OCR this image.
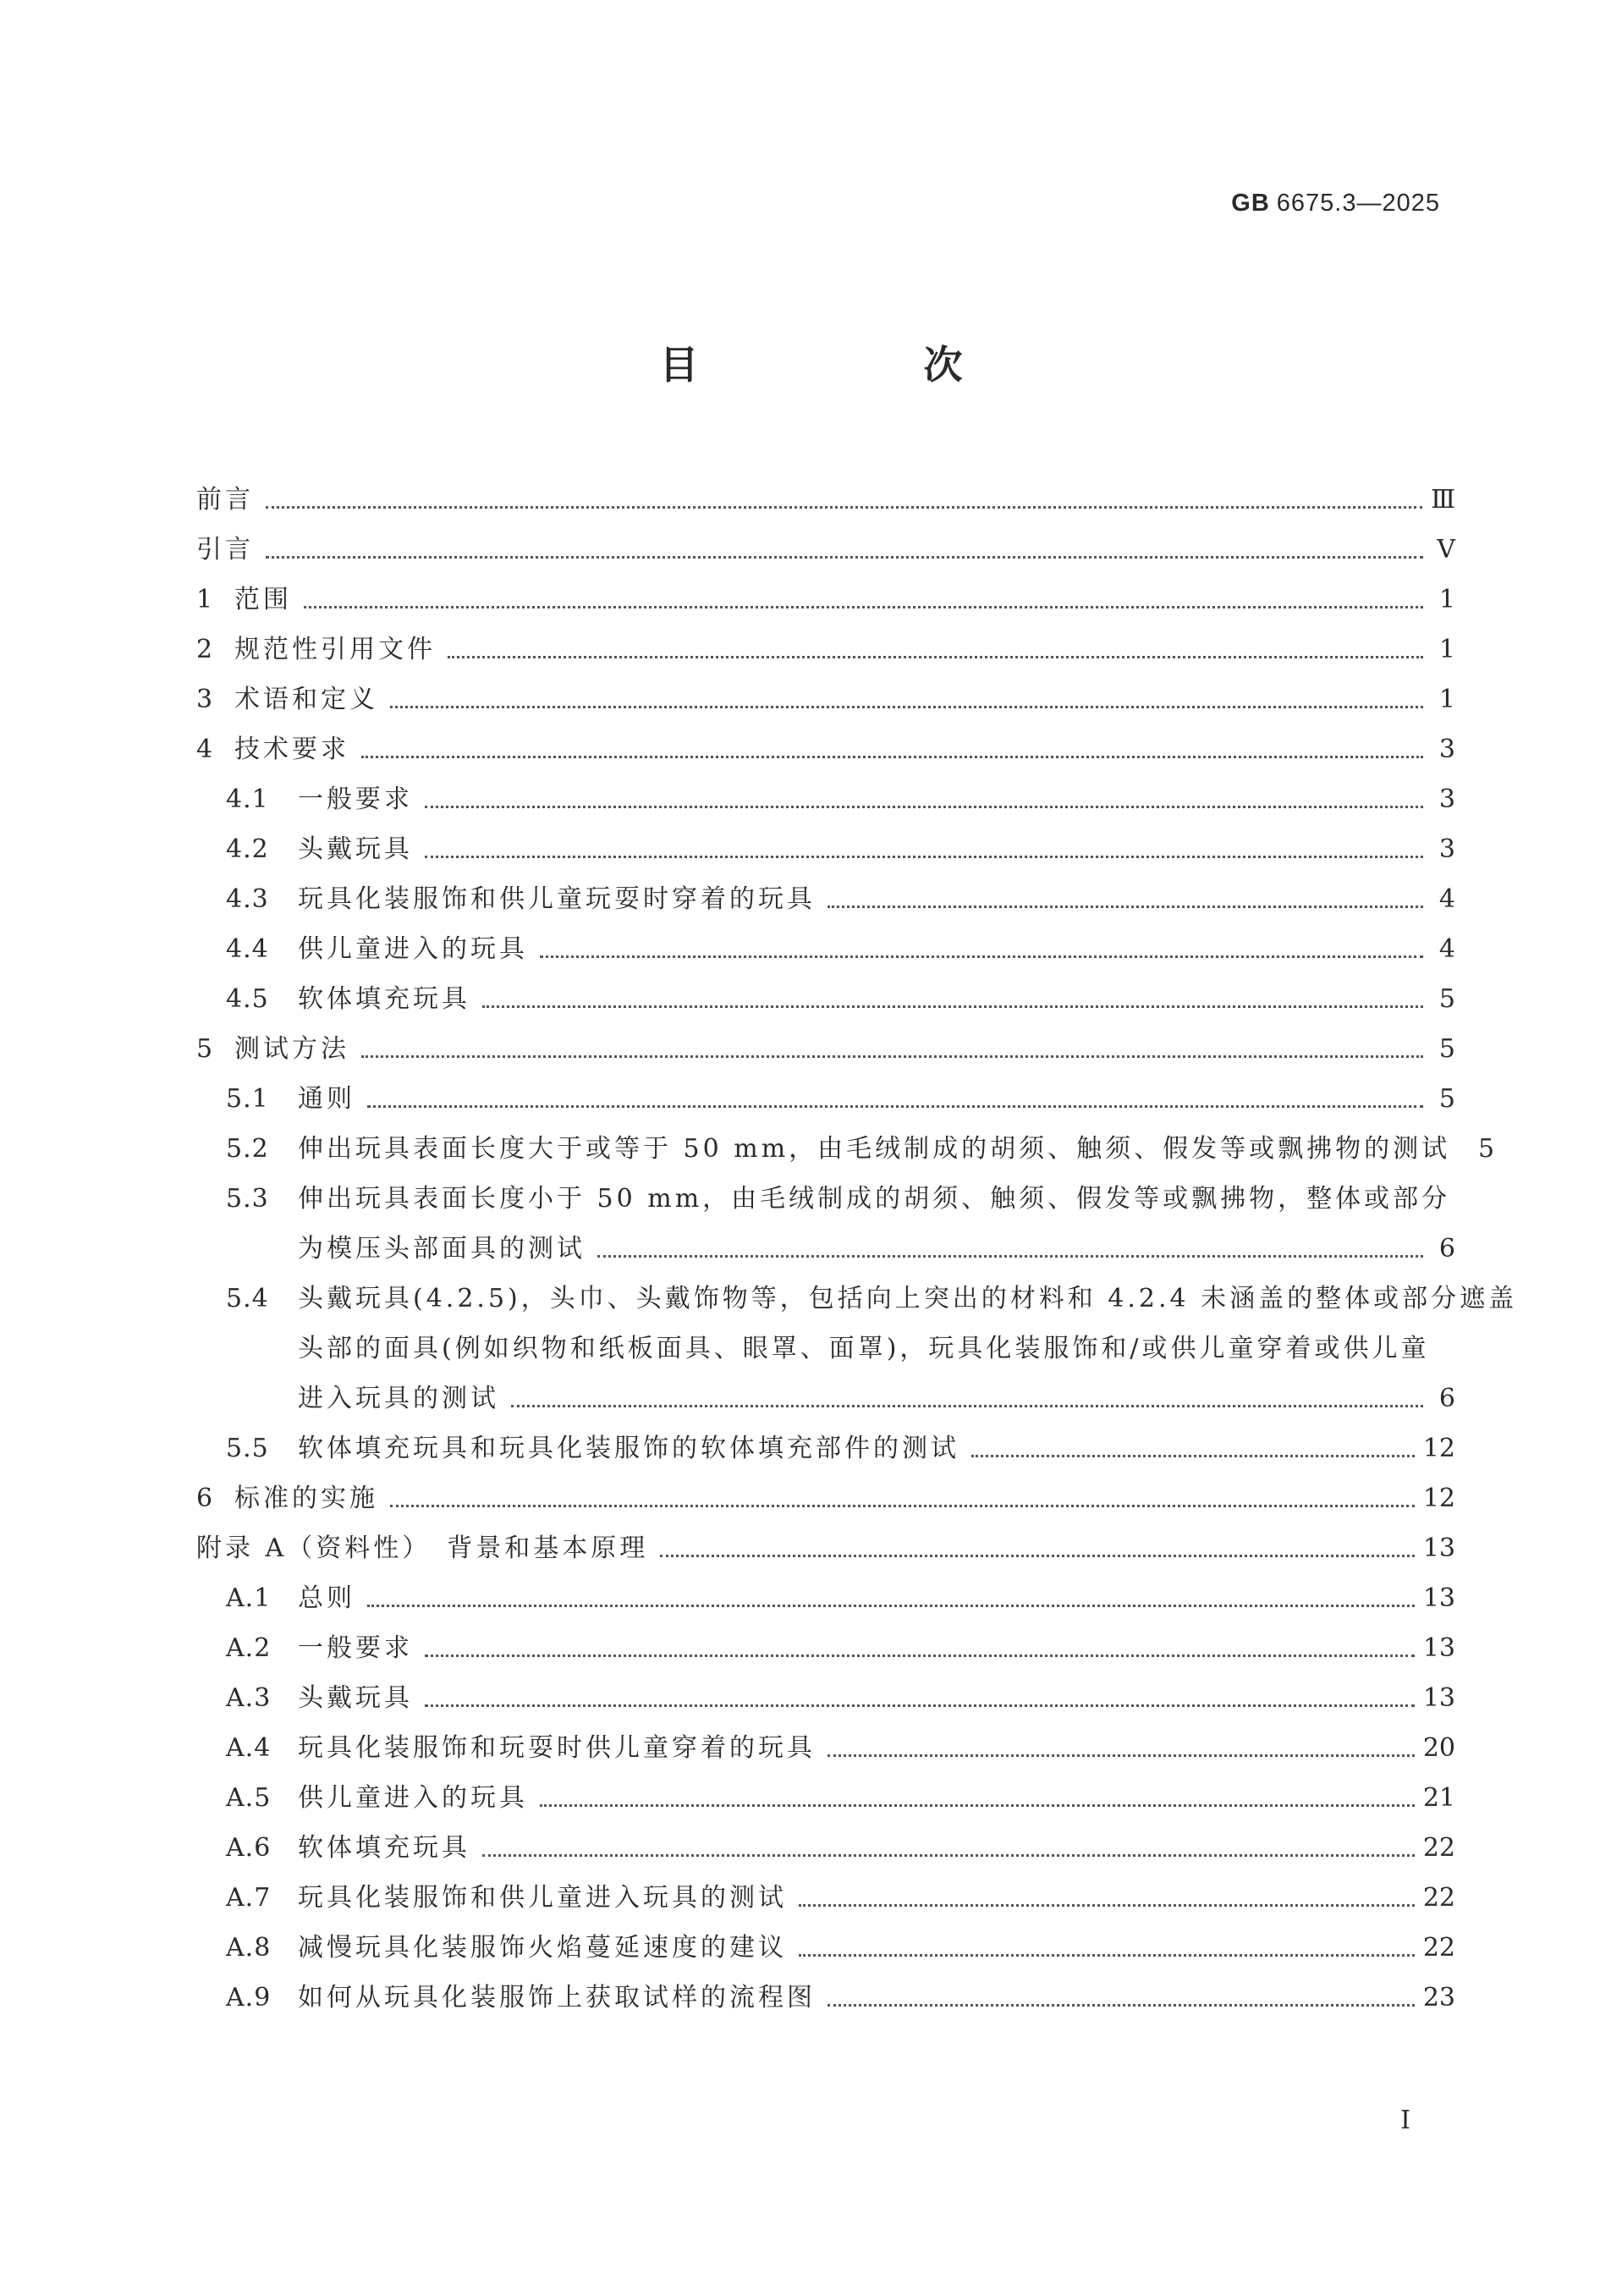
GB 6675.3—2025
目　次
前言	Ⅲ
引言	Ⅴ
1 范围	1
2 规范性引用文件	1
3 术语和定义	1
4 技术要求	3
4.1	一般要求	3
4.2	头戴玩具	3
4.3	玩具化装服饰和供儿童玩耍时穿着的玩具	4
4.4	供儿童进入的玩具	4
4.5	软体填充玩具	5
5 测试方法	5
5.1	通则	5
5.2	伸出玩具表面长度大于或等于 50 mm，由毛绒制成的胡须、触须、假发等或飘拂物的测试 5
5.3	伸出玩具表面长度小于 50 mm，由毛绒制成的胡须、触须、假发等或飘拂物，整体或部分
为模压头部面具的测试	6
5.4	头戴玩具(4.2.5)，头巾、头戴饰物等，包括向上突出的材料和 4.2.4 未涵盖的整体或部分遮盖
头部的面具(例如织物和纸板面具、眼罩、面罩)，玩具化装服饰和/或供儿童穿着或供儿童
进入玩具的测试	6
5.5	软体填充玩具和玩具化装服饰的软体填充部件的测试	12
6 标准的实施	12
附录 A（资料性）　背景和基本原理	13
A.1	总则	13
A.2	一般要求	13
A.3	头戴玩具	13
A.4	玩具化装服饰和玩耍时供儿童穿着的玩具	20
A.5	供儿童进入的玩具	21
A.6	软体填充玩具	22
A.7	玩具化装服饰和供儿童进入玩具的测试	22
A.8	减慢玩具化装服饰火焰蔓延速度的建议	22
A.9	如何从玩具化装服饰上获取试样的流程图	23
I
